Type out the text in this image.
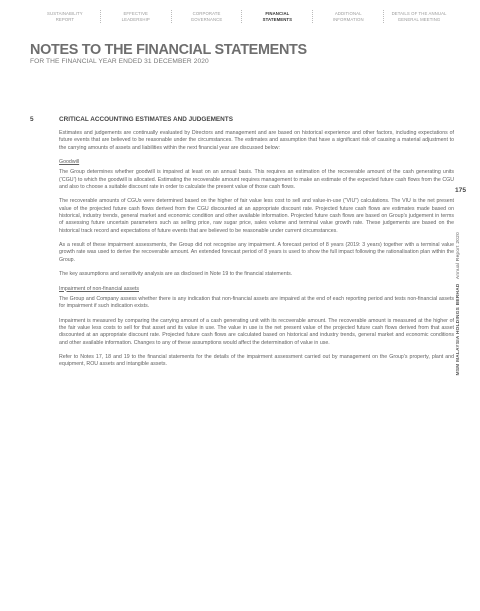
SUSTAINABILITY
REPORT
EFFECTIVE
LEADERSHIP
CORPORATE
GOVERNANCE
FINANCIAL
STATEMENTS
ADDITIONAL
INFORMATION
DETAILS OF THE ANNUAL
GENERAL MEETING
NOTES TO THE FINANCIAL STATEMENTS
FOR THE FINANCIAL YEAR ENDED 31 DECEMBER 2020
5	CRITICAL ACCOUNTING ESTIMATES AND JUDGEMENTS

Estimates and judgements are continually evaluated by Directors and management and are based on historical experience and other factors, including expectations of future events that are believed to be reasonable under the circumstances. The estimates and assumption that have a significant risk of causing a material adjustment to the carrying amounts of assets and liabilities within the next financial year are discussed below:

Goodwill

The Group determines whether goodwill is impaired at least on an annual basis. This requires an estimation of the recoverable amount of the cash generating units (‘CGU’) to which the goodwill is allocated. Estimating the recoverable amount requires management to make an estimate of the expected future cash flows from the CGU and also to choose a suitable discount rate in order to calculate the present value of those cash flows.

The recoverable amounts of CGUs were determined based on the higher of fair value less cost to sell and value-in-use (“VIU”) calculations. The VIU is the net present value of the projected future cash flows derived from the CGU discounted at an appropriate discount rate. Projected future cash flows are estimates made based on historical, industry trends, general market and economic condition and other available information. Projected future cash flows are based on Group’s judgement in terms of assessing future uncertain parameters such as selling price, raw sugar price, sales volume and terminal value growth rate. These judgements are based on the historical track record and expectations of future events that are believed to be reasonable under current circumstances.

As a result of these impairment assessments, the Group did not recognise any impairment. A forecast period of 8 years (2019: 3 years) together with a terminal value growth rate was used to derive the recoverable amount. An extended forecast period of 8 years is used to show the full impact following the rationalisation plan within the Group.

The key assumptions and sensitivity analysis are as disclosed in Note 19 to the financial statements.

Impairment of non-financial assets

The Group and Company assess whether there is any indication that non-financial assets are impaired at the end of each reporting period and tests non-financial assets for impairment if such indication exists.

Impairment is measured by comparing the carrying amount of a cash generating unit with its recoverable amount. The recoverable amount is measured at the higher of the fair value less costs to sell for that asset and its value in use. The value in use is the net present value of the projected future cash flows derived from that asset discounted at an appropriate discount rate. Projected future cash flows are calculated based on historical and industry trends, general market and economic conditions and other available information. Changes to any of these assumptions would affect the determination of value in use.

Refer to Notes 17, 18 and 19 to the financial statements for the details of the impairment assessment carried out by management on the Group’s property, plant and equipment, ROU assets and intangible assets.

175
MSM MALAYSIA HOLDINGS BERHAD Annual Report 2020
